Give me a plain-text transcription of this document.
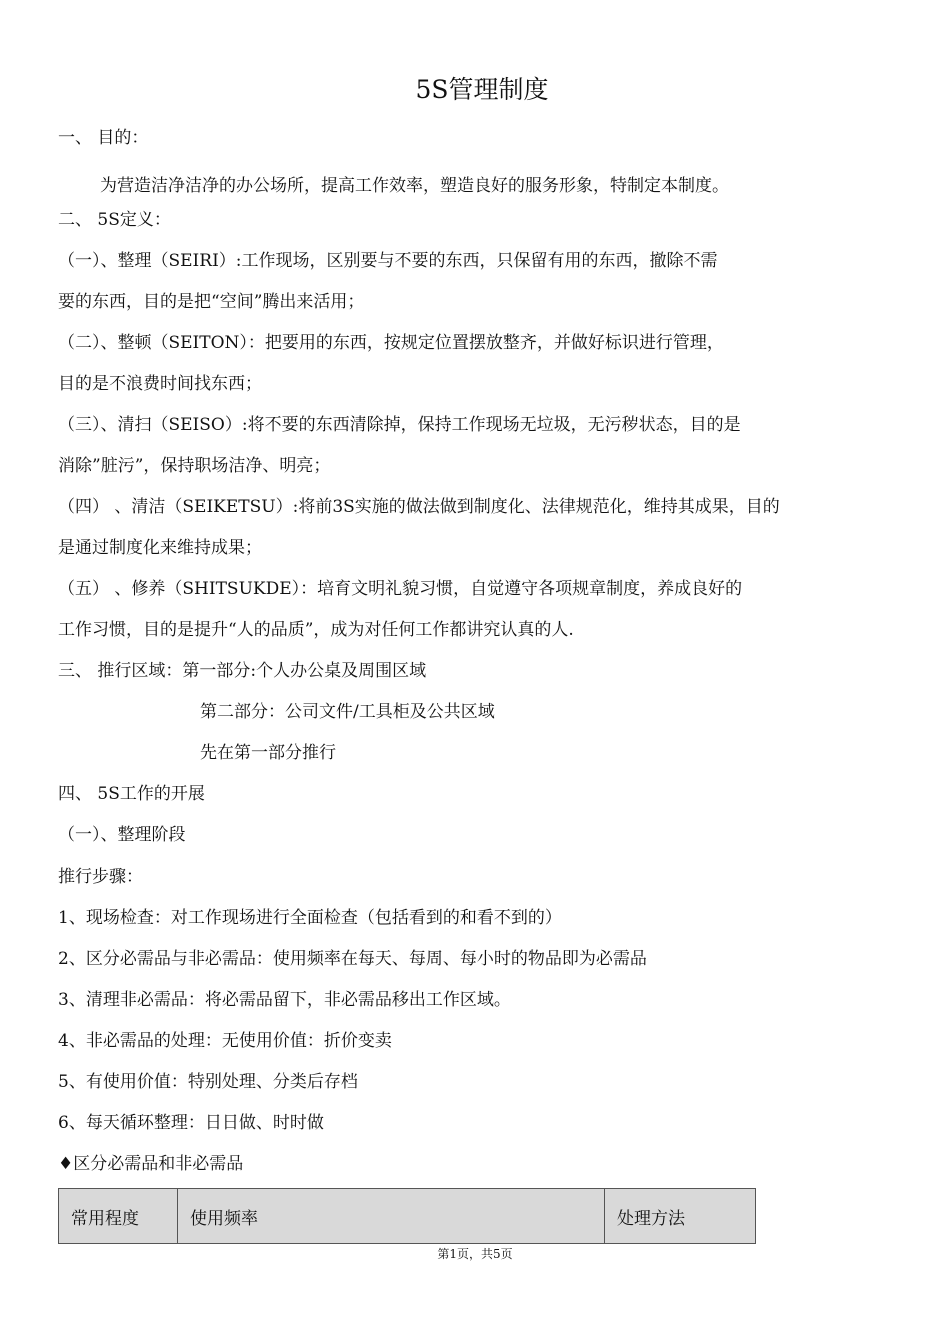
5S管理制度
一、 目的：
为营造洁净洁净的办公场所，提高工作效率，塑造良好的服务形象，特制定本制度。
二、 5S定义：
（一）、整理（SEIRI）:工作现场，区别要与不要的东西，只保留有用的东西，撤除不需
要的东西，目的是把“空间”腾出来活用；
（二）、整顿（SEITON）：把要用的东西，按规定位置摆放整齐，并做好标识进行管理，
目的是不浪费时间找东西；
（三）、清扫（SEISO）:将不要的东西清除掉，保持工作现场无垃圾，无污秽状态，目的是
消除”脏污”，保持职场洁净、明亮；
（四） 、清洁（SEIKETSU）:将前3S实施的做法做到制度化、法律规范化，维持其成果，目的
是通过制度化来维持成果；
（五） 、修养（SHITSUKDE）：培育文明礼貌习惯，自觉遵守各项规章制度，养成良好的
工作习惯，目的是提升“人的品质”，成为对任何工作都讲究认真的人.
三、 推行区域：第一部分:个人办公桌及周围区域
第二部分：公司文件/工具柜及公共区域
先在第一部分推行
四、 5S工作的开展
（一）、整理阶段
推行步骤：
1、现场检查：对工作现场进行全面检查（包括看到的和看不到的）
2、区分必需品与非必需品：使用频率在每天、每周、每小时的物品即为必需品
3、清理非必需品：将必需品留下，非必需品移出工作区域。
4、非必需品的处理：无使用价值：折价变卖
5、有使用价值：特别处理、分类后存档
6、每天循环整理：日日做、时时做
♦区分必需品和非必需品
常用程度	使用频率	处理方法
第1页，共5页
